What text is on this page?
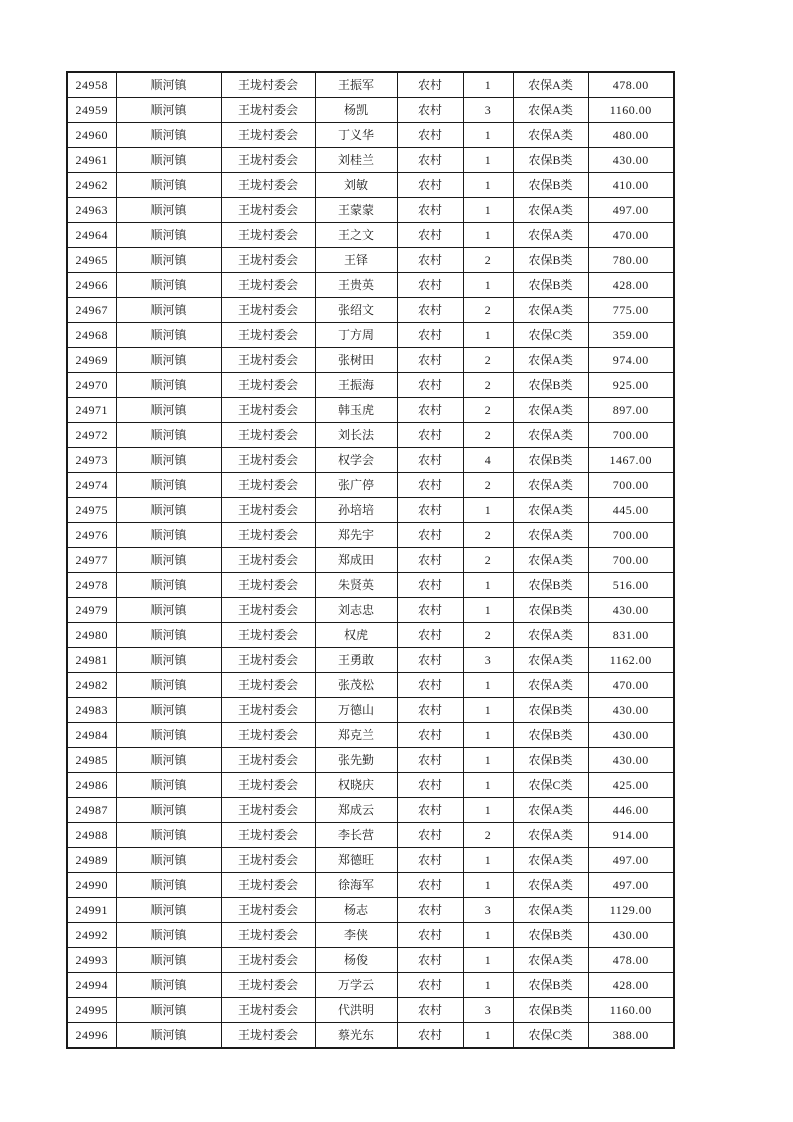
24958	顺河镇	王垅村委会	王振军	农村	1	农保A类	478.00
24959	顺河镇	王垅村委会	杨凯	农村	3	农保A类	1160.00
24960	顺河镇	王垅村委会	丁义华	农村	1	农保A类	480.00
24961	顺河镇	王垅村委会	刘桂兰	农村	1	农保B类	430.00
24962	顺河镇	王垅村委会	刘敏	农村	1	农保B类	410.00
24963	顺河镇	王垅村委会	王蒙蒙	农村	1	农保A类	497.00
24964	顺河镇	王垅村委会	王之文	农村	1	农保A类	470.00
24965	顺河镇	王垅村委会	王铎	农村	2	农保B类	780.00
24966	顺河镇	王垅村委会	王贵英	农村	1	农保B类	428.00
24967	顺河镇	王垅村委会	张绍文	农村	2	农保A类	775.00
24968	顺河镇	王垅村委会	丁方周	农村	1	农保C类	359.00
24969	顺河镇	王垅村委会	张树田	农村	2	农保A类	974.00
24970	顺河镇	王垅村委会	王振海	农村	2	农保B类	925.00
24971	顺河镇	王垅村委会	韩玉虎	农村	2	农保A类	897.00
24972	顺河镇	王垅村委会	刘长法	农村	2	农保A类	700.00
24973	顺河镇	王垅村委会	权学会	农村	4	农保B类	1467.00
24974	顺河镇	王垅村委会	张广停	农村	2	农保A类	700.00
24975	顺河镇	王垅村委会	孙培培	农村	1	农保A类	445.00
24976	顺河镇	王垅村委会	郑先宇	农村	2	农保A类	700.00
24977	顺河镇	王垅村委会	郑成田	农村	2	农保A类	700.00
24978	顺河镇	王垅村委会	朱贤英	农村	1	农保B类	516.00
24979	顺河镇	王垅村委会	刘志忠	农村	1	农保B类	430.00
24980	顺河镇	王垅村委会	权虎	农村	2	农保A类	831.00
24981	顺河镇	王垅村委会	王勇敢	农村	3	农保A类	1162.00
24982	顺河镇	王垅村委会	张茂松	农村	1	农保A类	470.00
24983	顺河镇	王垅村委会	万德山	农村	1	农保B类	430.00
24984	顺河镇	王垅村委会	郑克兰	农村	1	农保B类	430.00
24985	顺河镇	王垅村委会	张先勤	农村	1	农保B类	430.00
24986	顺河镇	王垅村委会	权晓庆	农村	1	农保C类	425.00
24987	顺河镇	王垅村委会	郑成云	农村	1	农保A类	446.00
24988	顺河镇	王垅村委会	李长营	农村	2	农保A类	914.00
24989	顺河镇	王垅村委会	郑德旺	农村	1	农保A类	497.00
24990	顺河镇	王垅村委会	徐海军	农村	1	农保A类	497.00
24991	顺河镇	王垅村委会	杨志	农村	3	农保A类	1129.00
24992	顺河镇	王垅村委会	李侠	农村	1	农保B类	430.00
24993	顺河镇	王垅村委会	杨俊	农村	1	农保A类	478.00
24994	顺河镇	王垅村委会	万学云	农村	1	农保B类	428.00
24995	顺河镇	王垅村委会	代洪明	农村	3	农保B类	1160.00
24996	顺河镇	王垅村委会	蔡光东	农村	1	农保C类	388.00
